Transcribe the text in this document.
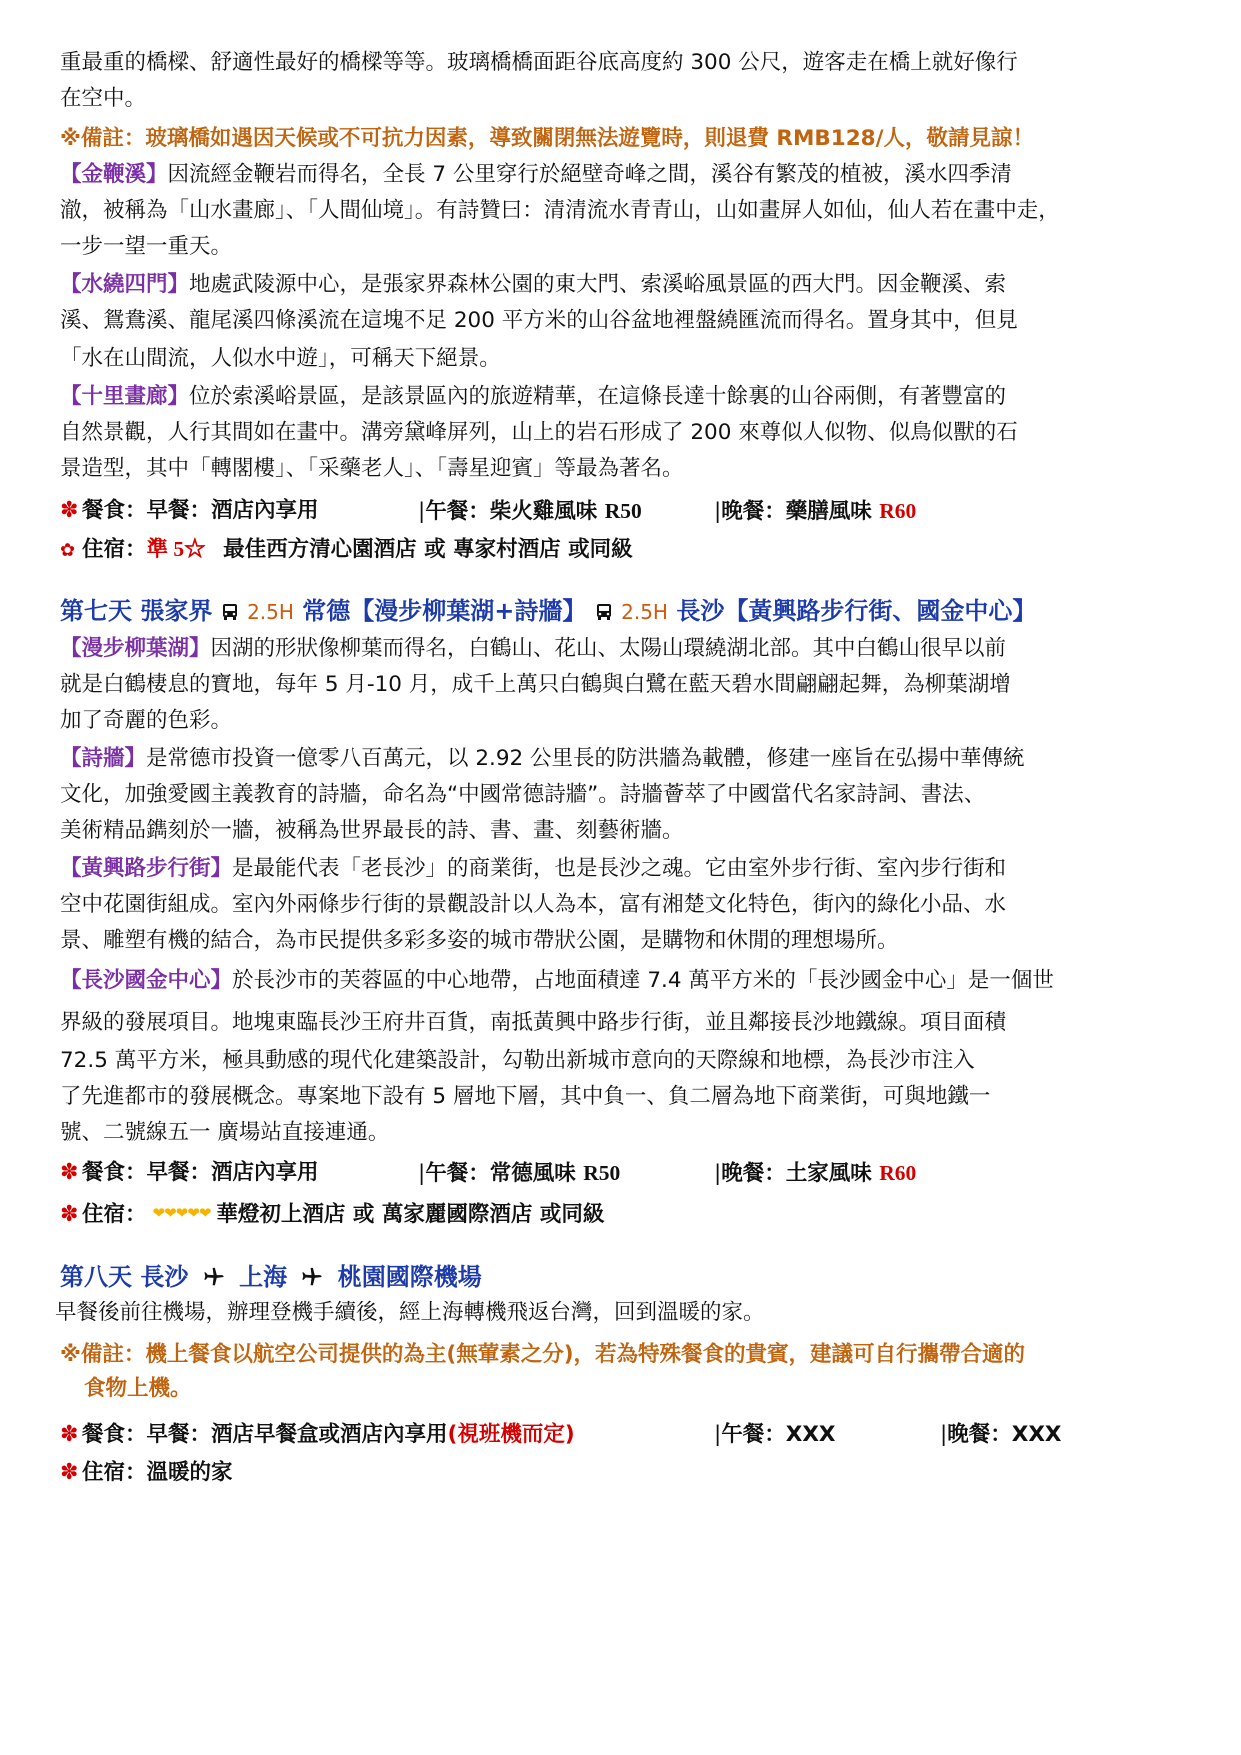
重最重的橋樑、舒適性最好的橋樑等等。玻璃橋橋面距谷底高度約 300 公尺，遊客走在橋上就好像行
在空中。
※備註：玻璃橋如遇因天候或不可抗力因素，導致關閉無法遊覽時，則退費 RMB128/人，敬請見諒！
【金鞭溪】因流經金鞭岩而得名，全長 7 公里穿行於絕壁奇峰之間，溪谷有繁茂的植被，溪水四季清
澈，被稱為「山水畫廊」、「人間仙境」。有詩贊曰：清清流水青青山，山如畫屏人如仙，仙人若在畫中走，
一步一望一重天。
【水繞四門】地處武陵源中心，是張家界森林公園的東大門、索溪峪風景區的西大門。因金鞭溪、索
溪、鴛鴦溪、龍尾溪四條溪流在這塊不足 200 平方米的山谷盆地裡盤繞匯流而得名。置身其中，但見
「水在山間流，人似水中遊」，可稱天下絕景。
【十里畫廊】位於索溪峪景區，是該景區內的旅遊精華，在這條長達十餘裏的山谷兩側，有著豐富的
自然景觀，人行其間如在畫中。溝旁黛峰屏列，山上的岩石形成了 200 來尊似人似物、似鳥似獸的石
景造型，其中「轉閣樓」、「采藥老人」、「壽星迎賓」等最為著名。
✽ 餐食：早餐：酒店內享用	|午餐：柴火雞風味 R50	|晚餐：藥膳風味 R60
✿ 住宿：準 5☆ 最佳西方清心園酒店 或 專家村酒店 或同級
第七天 張家界 2.5H 常德【漫步柳葉湖+詩牆】 2.5H 長沙【黃興路步行街、國金中心】
【漫步柳葉湖】因湖的形狀像柳葉而得名，白鶴山、花山、太陽山環繞湖北部。其中白鶴山很早以前
就是白鶴棲息的寶地，每年 5 月-10 月，成千上萬只白鶴與白鷺在藍天碧水間翩翩起舞，為柳葉湖增
加了奇麗的色彩。
【詩牆】是常德市投資一億零八百萬元，以 2.92 公里長的防洪牆為載體，修建一座旨在弘揚中華傳統
文化，加強愛國主義教育的詩牆，命名為“中國常德詩牆”。詩牆薈萃了中國當代名家詩詞、書法、
美術精品鐫刻於一牆，被稱為世界最長的詩、書、畫、刻藝術牆。
【黃興路步行街】是最能代表「老長沙」的商業街，也是長沙之魂。它由室外步行街、室內步行街和
空中花園街組成。室內外兩條步行街的景觀設計以人為本，富有湘楚文化特色，街內的綠化小品、水
景、雕塑有機的結合，為市民提供多彩多姿的城市帶狀公園，是購物和休閒的理想場所。
【長沙國金中心】於長沙市的芙蓉區的中心地帶，占地面積達 7.4 萬平方米的「長沙國金中心」是一個世
界級的發展項目。地塊東臨長沙王府井百貨，南抵黃興中路步行街，並且鄰接長沙地鐵線。項目面積
72.5 萬平方米，極具動感的現代化建築設計，勾勒出新城市意向的天際線和地標，為長沙市注入
了先進都市的發展概念。專案地下設有 5 層地下層，其中負一、負二層為地下商業街，可與地鐵一
號、二號線五一 廣場站直接連通。
✽ 餐食：早餐：酒店內享用	|午餐：常德風味 R50	|晚餐：土家風味 R60
✽ 住宿： ❤❤❤❤❤ 華燈初上酒店 或 萬家麗國際酒店 或同級
第八天 長沙 上海 桃園國際機場
早餐後前往機場，辦理登機手續後，經上海轉機飛返台灣，回到溫暖的家。
※備註：機上餐食以航空公司提供的為主(無葷素之分)，若為特殊餐食的貴賓，建議可自行攜帶合適的
食物上機。
✽ 餐食：早餐：酒店早餐盒或酒店內享用(視班機而定)	|午餐：XXX	|晚餐：XXX
✽ 住宿：溫暖的家
